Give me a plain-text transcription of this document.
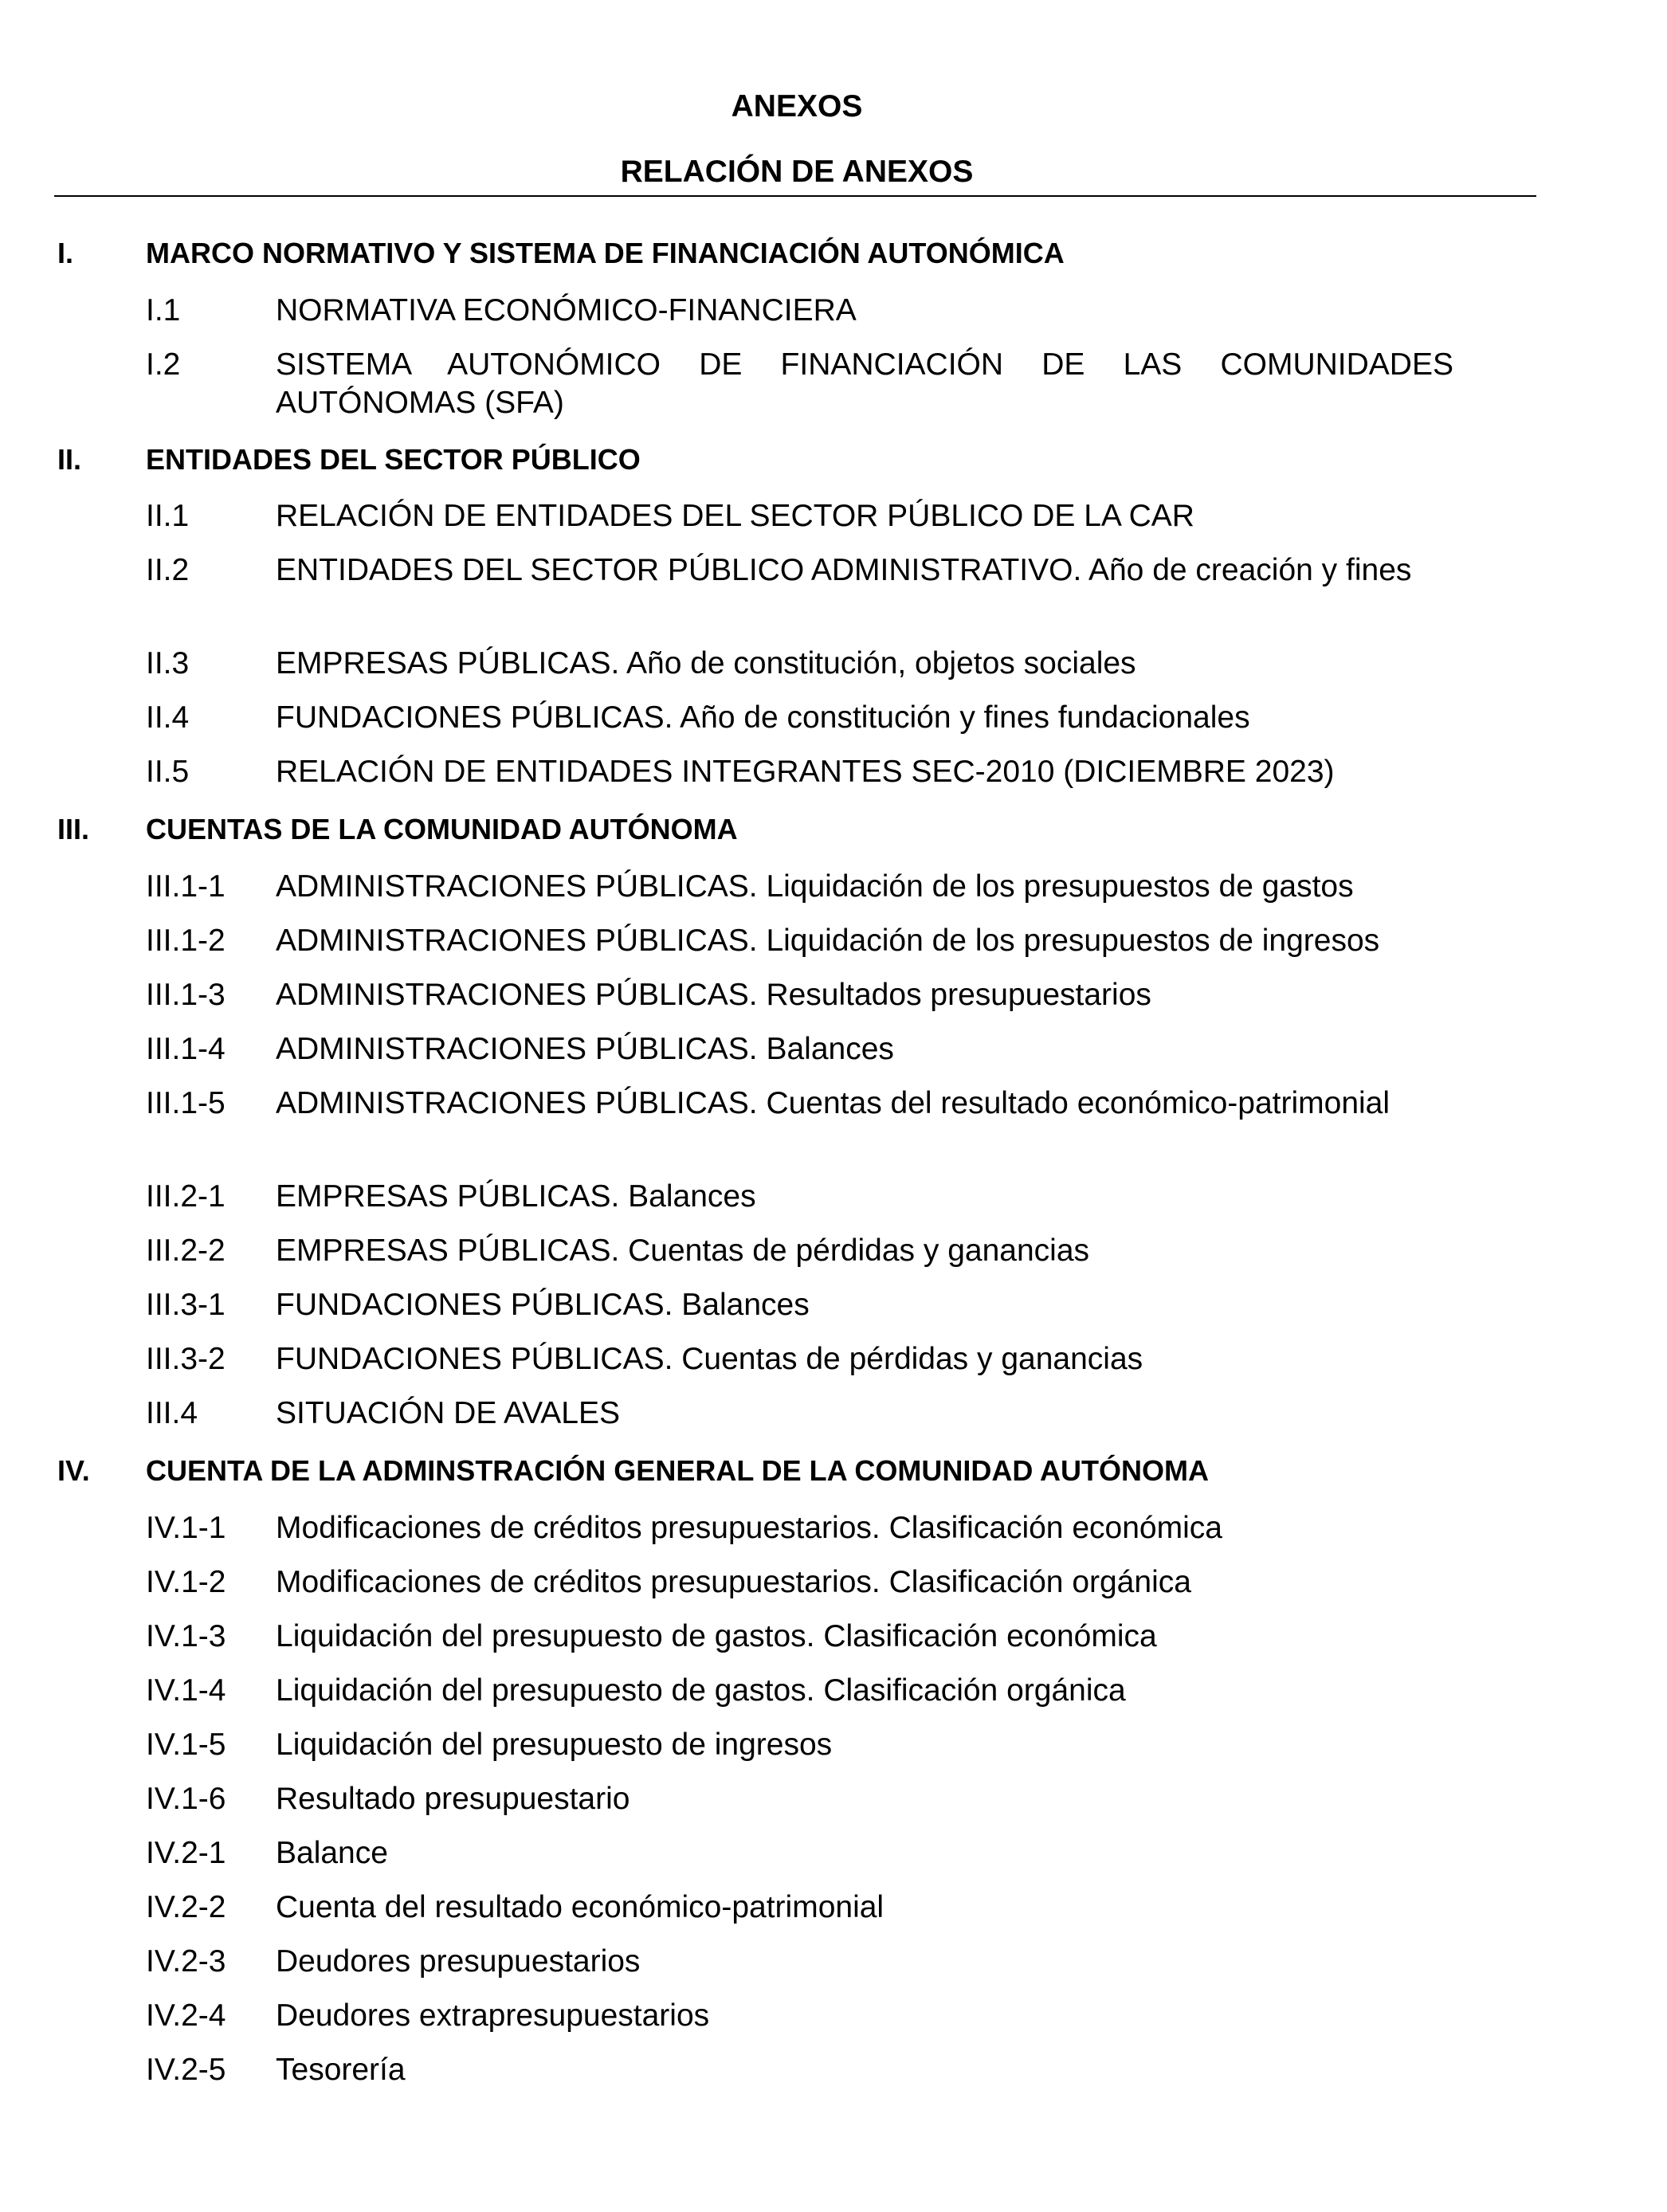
ANEXOS
RELACIÓN DE ANEXOS
I.	MARCO NORMATIVO Y SISTEMA DE FINANCIACIÓN AUTONÓMICA
I.1	NORMATIVA ECONÓMICO-FINANCIERA
I.2	SISTEMA AUTONÓMICO DE FINANCIACIÓN DE LAS COMUNIDADES AUTÓNOMAS (SFA)
II. ENTIDADES DEL SECTOR PÚBLICO
II.1	RELACIÓN DE ENTIDADES DEL SECTOR PÚBLICO DE LA CAR
II.2	ENTIDADES DEL SECTOR PÚBLICO ADMINISTRATIVO. Año de creación y fines
II.3	EMPRESAS PÚBLICAS. Año de constitución, objetos sociales
II.4	FUNDACIONES PÚBLICAS. Año de constitución y fines fundacionales
II.5	RELACIÓN DE ENTIDADES INTEGRANTES SEC-2010 (DICIEMBRE 2023)
III. CUENTAS DE LA COMUNIDAD AUTÓNOMA
III.1-1 ADMINISTRACIONES PÚBLICAS. Liquidación de los presupuestos de gastos
III.1-2 ADMINISTRACIONES PÚBLICAS. Liquidación de los presupuestos de ingresos
III.1-3 ADMINISTRACIONES PÚBLICAS. Resultados presupuestarios
III.1-4 ADMINISTRACIONES PÚBLICAS. Balances
III.1-5 ADMINISTRACIONES PÚBLICAS. Cuentas del resultado económico-patrimonial
III.2-1 EMPRESAS PÚBLICAS. Balances
III.2-2 EMPRESAS PÚBLICAS. Cuentas de pérdidas y ganancias
III.3-1 FUNDACIONES PÚBLICAS. Balances
III.3-2 FUNDACIONES PÚBLICAS. Cuentas de pérdidas y ganancias
III.4	SITUACIÓN DE AVALES
IV. CUENTA DE LA ADMINSTRACIÓN GENERAL DE LA COMUNIDAD AUTÓNOMA
IV.1-1 Modificaciones de créditos presupuestarios. Clasificación económica
IV.1-2 Modificaciones de créditos presupuestarios. Clasificación orgánica
IV.1-3 Liquidación del presupuesto de gastos. Clasificación económica
IV.1-4 Liquidación del presupuesto de gastos. Clasificación orgánica
IV.1-5 Liquidación del presupuesto de ingresos
IV.1-6 Resultado presupuestario
IV.2-1 Balance
IV.2-2 Cuenta del resultado económico-patrimonial
IV.2-3 Deudores presupuestarios
IV.2-4 Deudores extrapresupuestarios
IV.2-5 Tesorería
